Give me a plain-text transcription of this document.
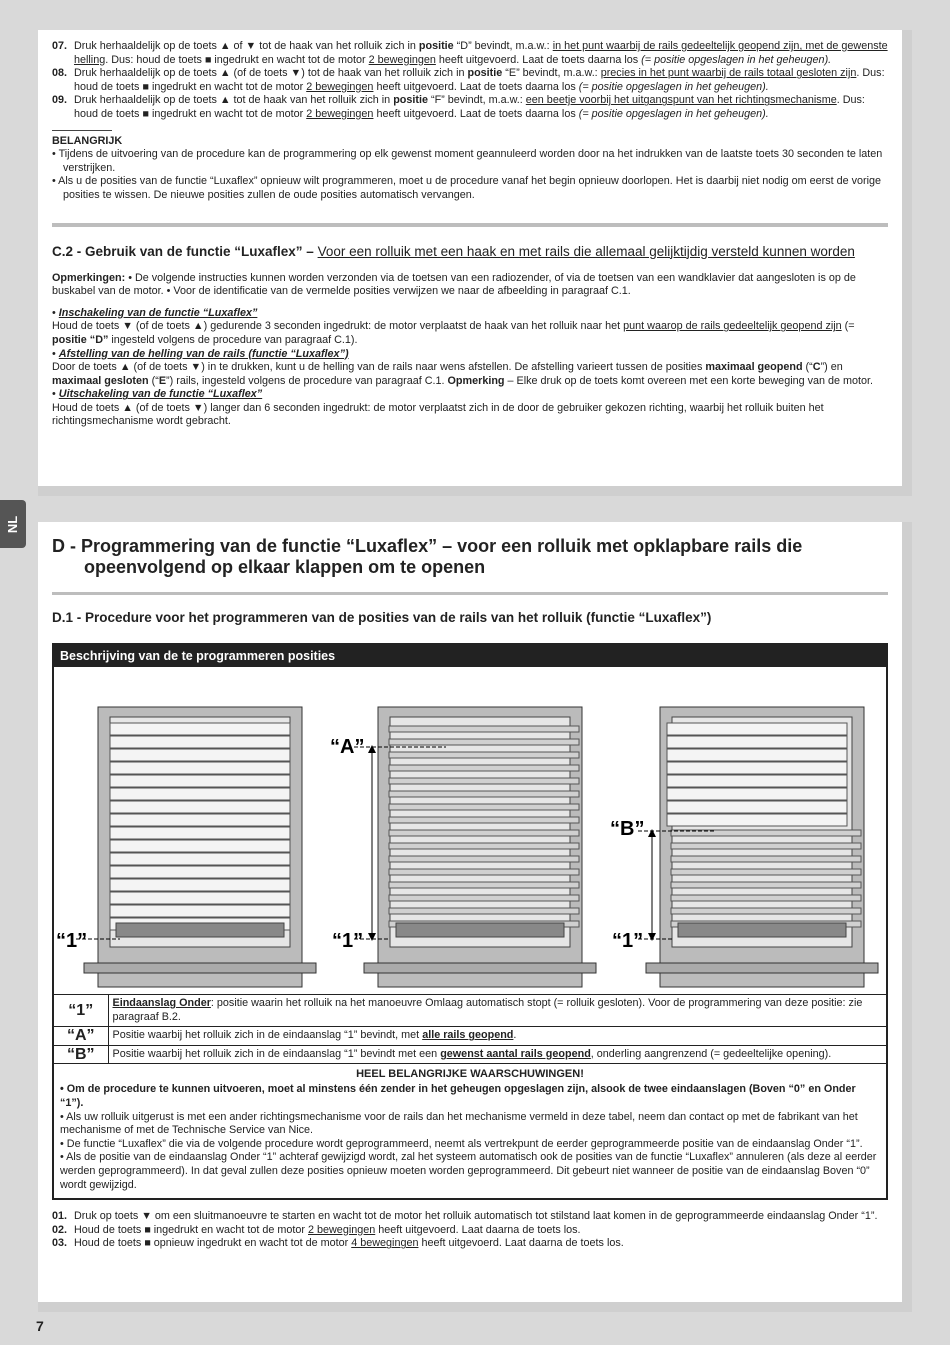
07. Druk herhaaldelijk op de toets ▲ of ▼ tot de haak van het rolluik zich in positie “D” bevindt, m.a.w.: in het punt waarbij de rails gedeeltelijk geopend zijn, met de gewenste helling. Dus: houd de toets ■ ingedrukt en wacht tot de motor 2 bewegingen heeft uitgevoerd. Laat de toets daarna los (= positie opgeslagen in het geheugen).
08. Druk herhaaldelijk op de toets ▲ (of de toets ▼) tot de haak van het rolluik zich in positie “E” bevindt, m.a.w.: precies in het punt waarbij de rails totaal gesloten zijn. Dus: houd de toets ■ ingedrukt en wacht tot de motor 2 bewegingen heeft uitgevoerd. Laat de toets daarna los (= positie opgeslagen in het geheugen).
09. Druk herhaaldelijk op de toets ▲ tot de haak van het rolluik zich in positie “F” bevindt, m.a.w.: een beetje voorbij het uitgangspunt van het richtingsmechanisme. Dus: houd de toets ■ ingedrukt en wacht tot de motor 2 bewegingen heeft uitgevoerd. Laat de toets daarna los (= positie opgeslagen in het geheugen).
BELANGRIJK
• Tijdens de uitvoering van de procedure kan de programmering op elk gewenst moment geannuleerd worden door na het indrukken van de laatste toets 30 seconden te laten verstrijken.
• Als u de posities van de functie “Luxaflex” opnieuw wilt programmeren, moet u de procedure vanaf het begin opnieuw doorlopen. Het is daarbij niet nodig om eerst de vorige posities te wissen. De nieuwe posities zullen de oude posities automatisch vervangen.
C.2 - Gebruik van de functie “Luxaflex” – Voor een rolluik met een haak en met rails die allemaal gelijktijdig versteld kunnen worden
Opmerkingen: • De volgende instructies kunnen worden verzonden via de toetsen van een radiozender, of via de toetsen van een wandklavier dat aangesloten is op de buskabel van de motor. • Voor de identificatie van de vermelde posities verwijzen we naar de afbeelding in paragraaf C.1.
• Inschakeling van de functie “Luxaflex”
Houd de toets ▼ (of de toets ▲) gedurende 3 seconden ingedrukt: de motor verplaatst de haak van het rolluik naar het punt waarop de rails gedeeltelijk geopend zijn (= positie “D” ingesteld volgens de procedure van paragraaf C.1).
• Afstelling van de helling van de rails (functie “Luxaflex”)
Door de toets ▲ (of de toets ▼) in te drukken, kunt u de helling van de rails naar wens afstellen. De afstelling varieert tussen de posities maximaal geopend (“C”) en maximaal gesloten (“E”) rails, ingesteld volgens de procedure van paragraaf C.1. Opmerking – Elke druk op de toets komt overeen met een korte beweging van de motor.
• Uitschakeling van de functie “Luxaflex”
Houd de toets ▲ (of de toets ▼) langer dan 6 seconden ingedrukt: de motor verplaatst zich in de door de gebruiker gekozen richting, waarbij het rolluik buiten het richtingsmechanisme wordt gebracht.
NL
D - Programmering van de functie “Luxaflex” – voor een rolluik met opklapbare rails die opeenvolgend op elkaar klappen om te openen
D.1 - Procedure voor het programmeren van de posities van de rails van het rolluik (functie “Luxaflex”)
Beschrijving van de te programmeren posities
“1”	“1”	“1”
“A”
“B”
“1”	Eindaanslag Onder: positie waarin het rolluik na het manoeuvre Omlaag automatisch stopt (= rolluik gesloten). Voor de programmering van deze positie: zie paragraaf B.2.
“A”	Positie waarbij het rolluik zich in de eindaanslag “1” bevindt, met alle rails geopend.
“B”	Positie waarbij het rolluik zich in de eindaanslag “1” bevindt met een gewenst aantal rails geopend, onderling aangrenzend (= gedeeltelijke opening).
HEEL BELANGRIJKE WAARSCHUWINGEN!
• Om de procedure te kunnen uitvoeren, moet al minstens één zender in het geheugen opgeslagen zijn, alsook de twee eindaanslagen (Boven “0” en Onder “1”).
• Als uw rolluik uitgerust is met een ander richtingsmechanisme voor de rails dan het mechanisme vermeld in deze tabel, neem dan contact op met de fabrikant van het mechanisme of met de Technische Service van Nice.
• De functie “Luxaflex” die via de volgende procedure wordt geprogrammeerd, neemt als vertrekpunt de eerder geprogrammeerde positie van de eindaanslag Onder “1”.
• Als de positie van de eindaanslag Onder “1” achteraf gewijzigd wordt, zal het systeem automatisch ook de posities van de functie “Luxaflex” annuleren (als deze al eerder werden geprogrammeerd). In dat geval zullen deze posities opnieuw moeten worden geprogrammeerd. Dit gebeurt niet wanneer de positie van de eindaanslag Boven “0” wordt gewijzigd.
01. Druk op toets ▼ om een sluitmanoeuvre te starten en wacht tot de motor het rolluik automatisch tot stilstand laat komen in de geprogrammeerde eindaanslag Onder “1”.
02. Houd de toets ■ ingedrukt en wacht tot de motor 2 bewegingen heeft uitgevoerd. Laat daarna de toets los.
03. Houd de toets ■ opnieuw ingedrukt en wacht tot de motor 4 bewegingen heeft uitgevoerd. Laat daarna de toets los.
7
